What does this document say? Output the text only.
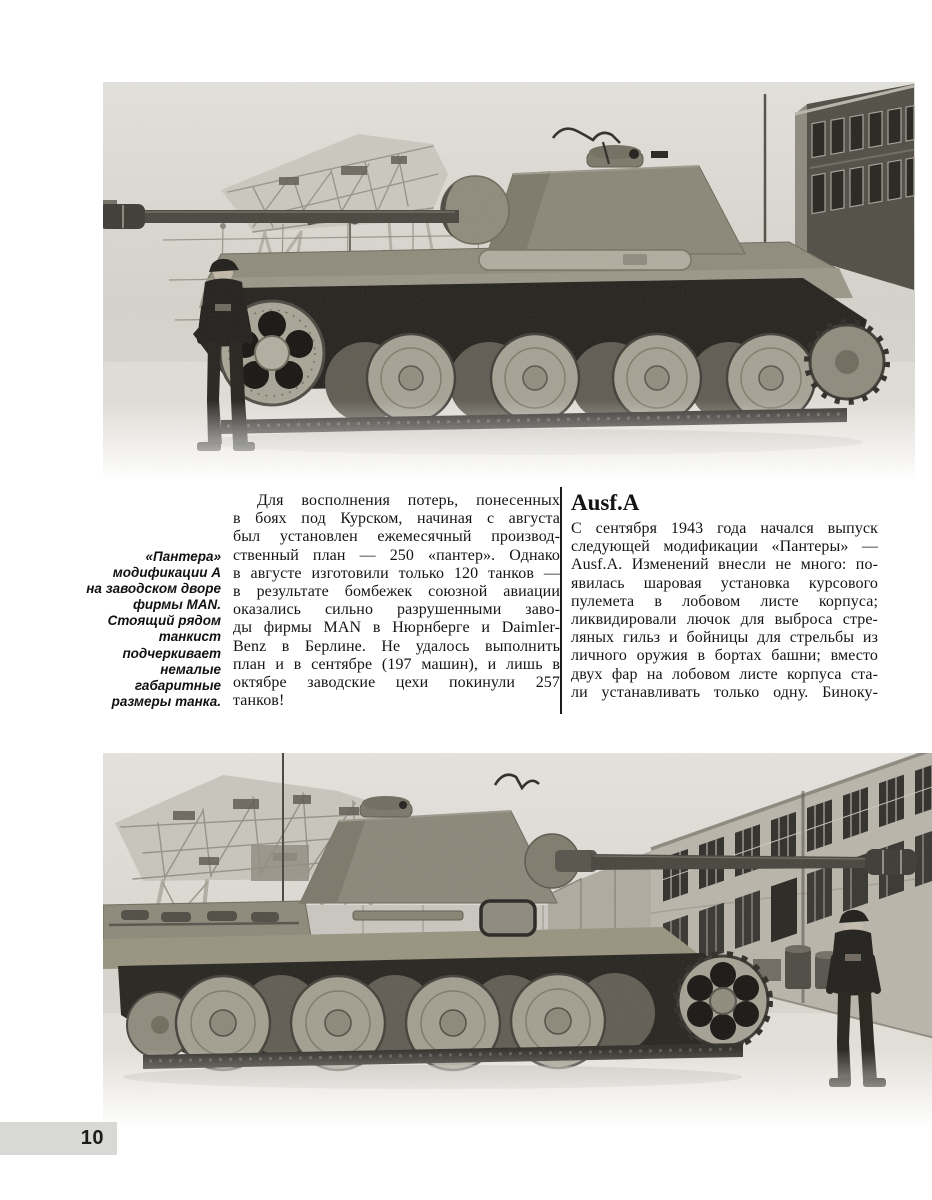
«Пантера»
модификации А
на заводском дворе
фирмы MAN.
Стоящий рядом
танкист
подчеркивает
немалые
габаритные
размеры танка.
Для восполнения потерь, понесенных
в боях под Курском, начиная с августа
был установлен ежемесячный производ-
ственный план — 250 «пантер». Однако
в августе изготовили только 120 танков —
в результате бомбежек союзной авиации
оказались сильно разрушенными заво-
ды фирмы MAN в Нюрнберге и Daimler-
Benz в Берлине. Не удалось выполнить
план и в сентябре (197 машин), и лишь в
октябре заводские цехи покинули 257
танков!
Ausf.A
С сентября 1943 года начался выпуск
следующей модификации «Пантеры» —
Ausf.A. Изменений внесли не много: по-
явилась шаровая установка курсового
пулемета в лобовом листе корпуса;
ликвидировали лючок для выброса стре-
ляных гильз и бойницы для стрельбы из
личного оружия в бортах башни; вместо
двух фар на лобовом листе корпуса ста-
ли устанавливать только одну. Биноку-
10
